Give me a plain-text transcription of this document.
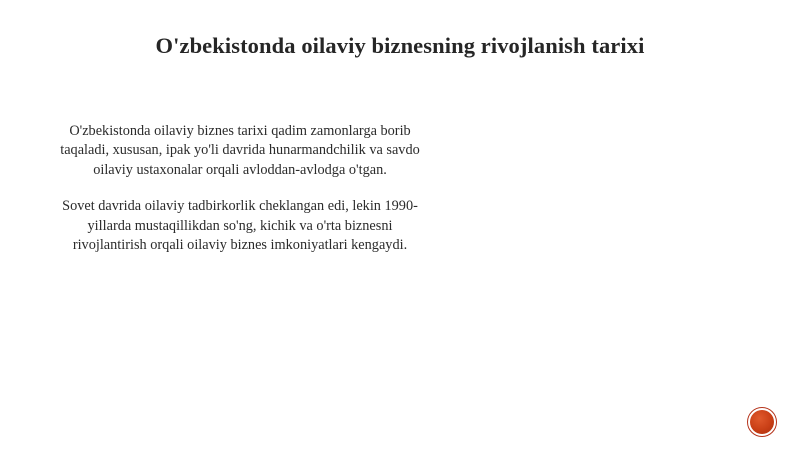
O'zbekistonda oilaviy biznesning rivojlanish tarixi

O'zbekistonda oilaviy biznes tarixi qadim zamonlarga borib taqaladi, xususan, ipak yo'li davrida hunarmandchilik va savdo oilaviy ustaxonalar orqali avloddan-avlodga o'tgan.

Sovet davrida oilaviy tadbirkorlik cheklangan edi, lekin 1990-yillarda mustaqillikdan so'ng, kichik va o'rta biznesni rivojlantirish orqali oilaviy biznes imkoniyatlari kengaydi.
